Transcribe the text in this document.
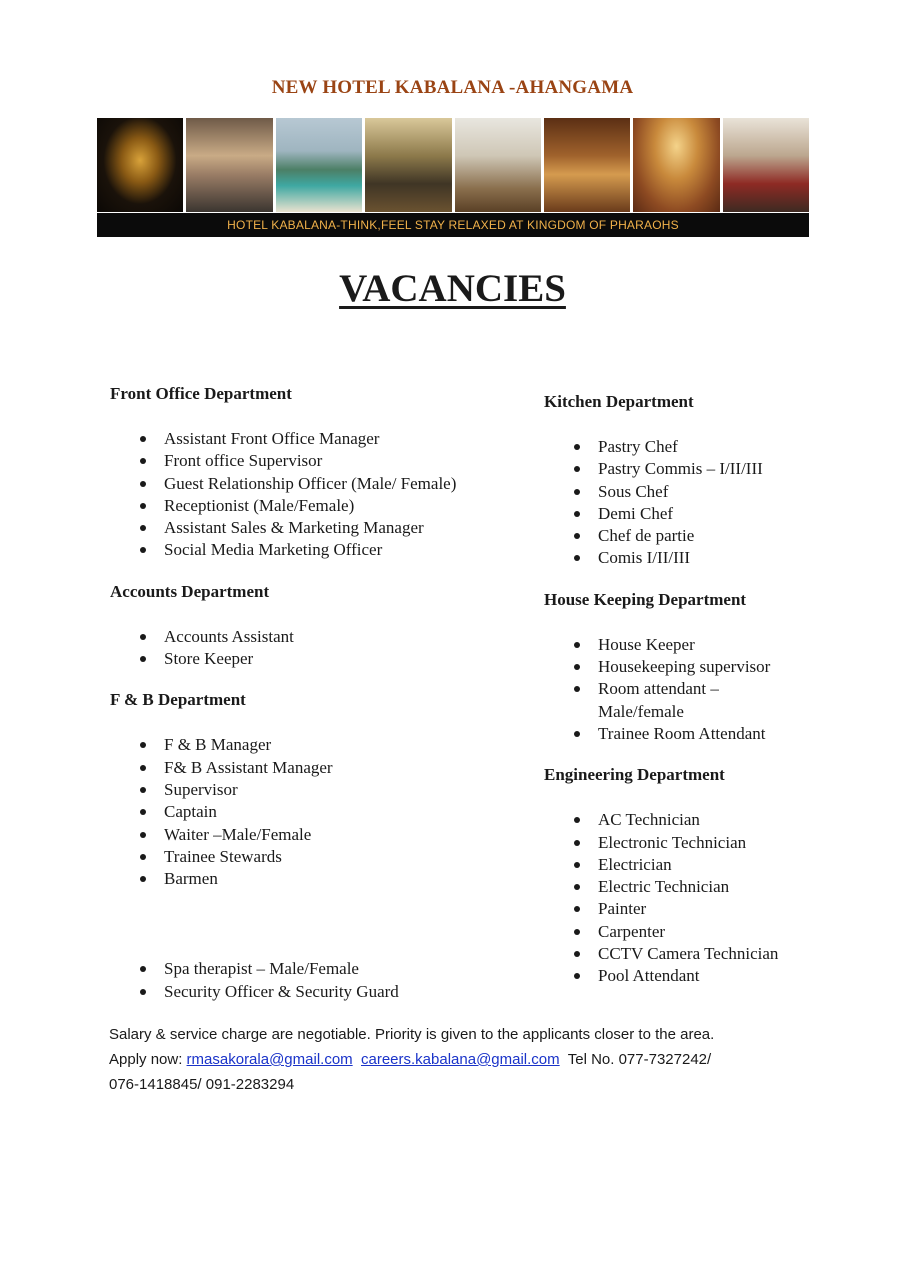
NEW HOTEL KABALANA -AHANGAMA
HOTEL KABALANA-THINK,FEEL STAY RELAXED AT KINGDOM OF PHARAOHS
VACANCIES
Front Office Department
Assistant Front Office Manager
Front office Supervisor
Guest Relationship Officer (Male/ Female)
Receptionist (Male/Female)
Assistant Sales & Marketing Manager
Social Media Marketing Officer
Accounts Department
Accounts Assistant
Store Keeper
F & B Department
F & B Manager
F& B Assistant Manager
Supervisor
Captain
Waiter –Male/Female
Trainee Stewards
Barmen
Spa therapist – Male/Female
Security Officer & Security Guard
Kitchen Department
Pastry Chef
Pastry Commis – I/II/III
Sous Chef
Demi Chef
Chef de partie
Comis I/II/III
House Keeping Department
House Keeper
Housekeeping supervisor
Room attendant – Male/female
Trainee Room Attendant
Engineering Department
AC Technician
Electronic Technician
Electrician
Electric Technician
Painter
Carpenter
CCTV Camera Technician
Pool Attendant

Salary & service charge are negotiable. Priority is given to the applicants closer to the area.

Apply now: rmasakorala@gmail.com careers.kabalana@gmail.com Tel No. 077-7327242/

076-1418845/ 091-2283294
